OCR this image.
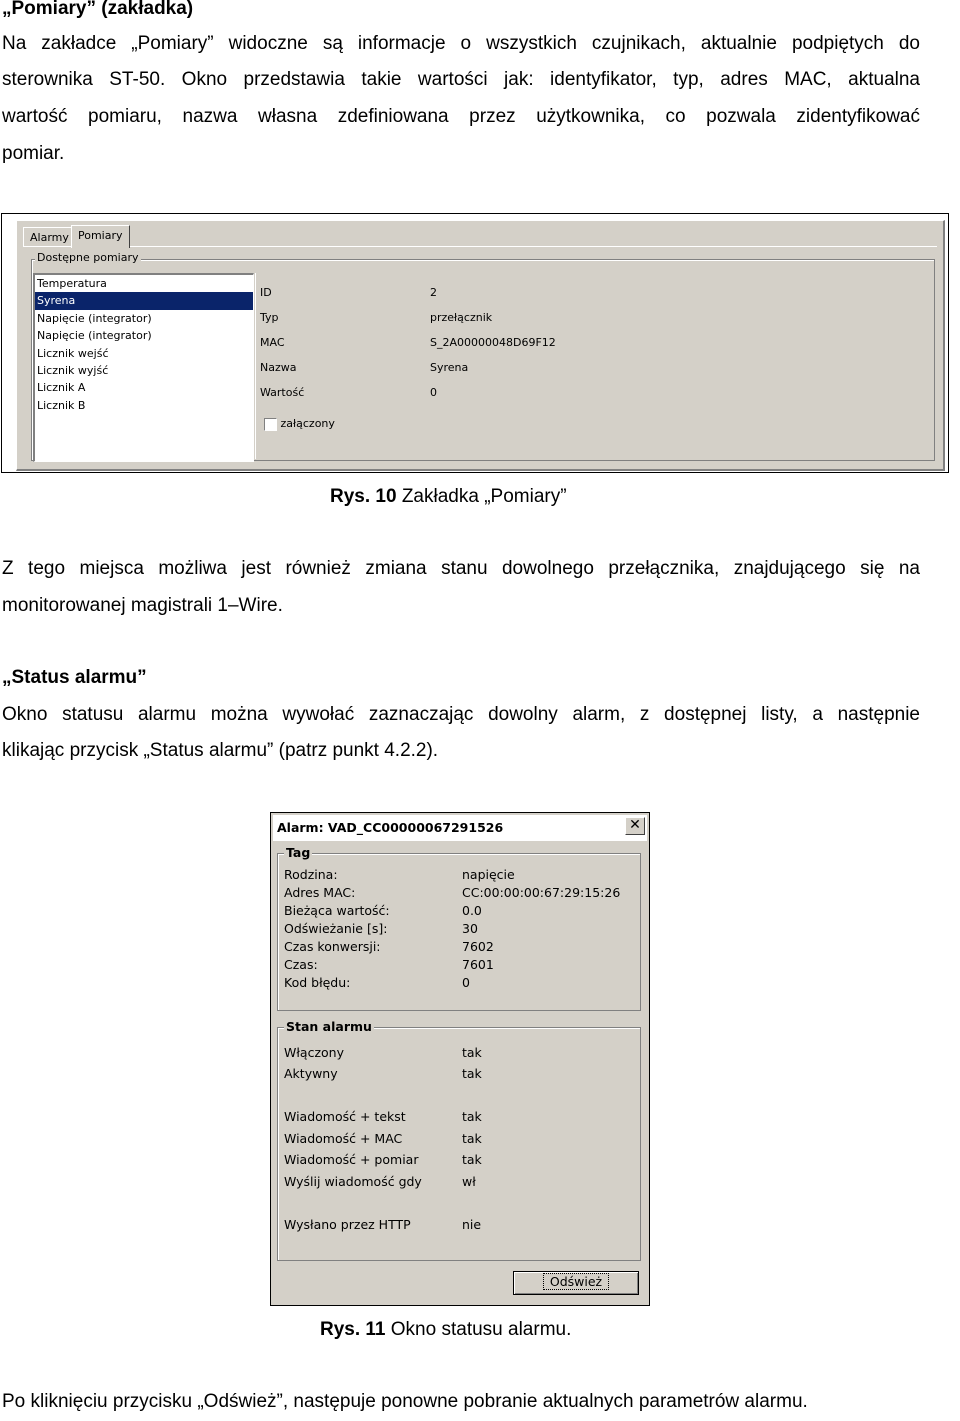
„Pomiary” (zakładka)
Na zakładce „Pomiary” widoczne są informacje o wszystkich czujnikach, aktualnie podpiętych do
sterownika ST-50. Okno przedstawia takie wartości jak: identyfikator, typ, adres MAC, aktualna
wartość pomiaru, nazwa własna zdefiniowana przez użytkownika, co pozwala zidentyfikować
pomiar.
Alarmy Pomiary
Dostępne pomiary
Temperatura
Syrena
Napięcie (integrator)
Napięcie (integrator)
Licznik wejść
Licznik wyjść
Licznik A
Licznik B
ID	2
Typ	przełącznik
MAC	S_2A00000048D69F12
Nazwa	Syrena
Wartość	0
załączony
Rys. 10 Zakładka „Pomiary”
Z tego miejsca możliwa jest również zmiana stanu dowolnego przełącznika, znajdującego się na
monitorowanej magistrali 1–Wire.
„Status alarmu”
Okno statusu alarmu można wywołać zaznaczając dowolny alarm, z dostępnej listy, a następnie
klikając przycisk „Status alarmu” (patrz punkt 4.2.2).
Alarm: VAD_CC00000067291526	✕
Tag
Rodzina:	napięcie
Adres MAC:	CC:00:00:00:67:29:15:26
Bieżąca wartość:	0.0
Odświeżanie [s]:	30
Czas konwersji:	7602
Czas:	7601
Kod błędu:	0
Stan alarmu
Włączony	tak
Aktywny	tak
Wiadomość + tekst	tak
Wiadomość + MAC	tak
Wiadomość + pomiar	tak
Wyślij wiadomość gdy	wł
Wysłano przez HTTP	nie
Odśwież
Rys. 11 Okno statusu alarmu.
Po kliknięciu przycisku „Odśwież”, następuje ponowne pobranie aktualnych parametrów alarmu.
